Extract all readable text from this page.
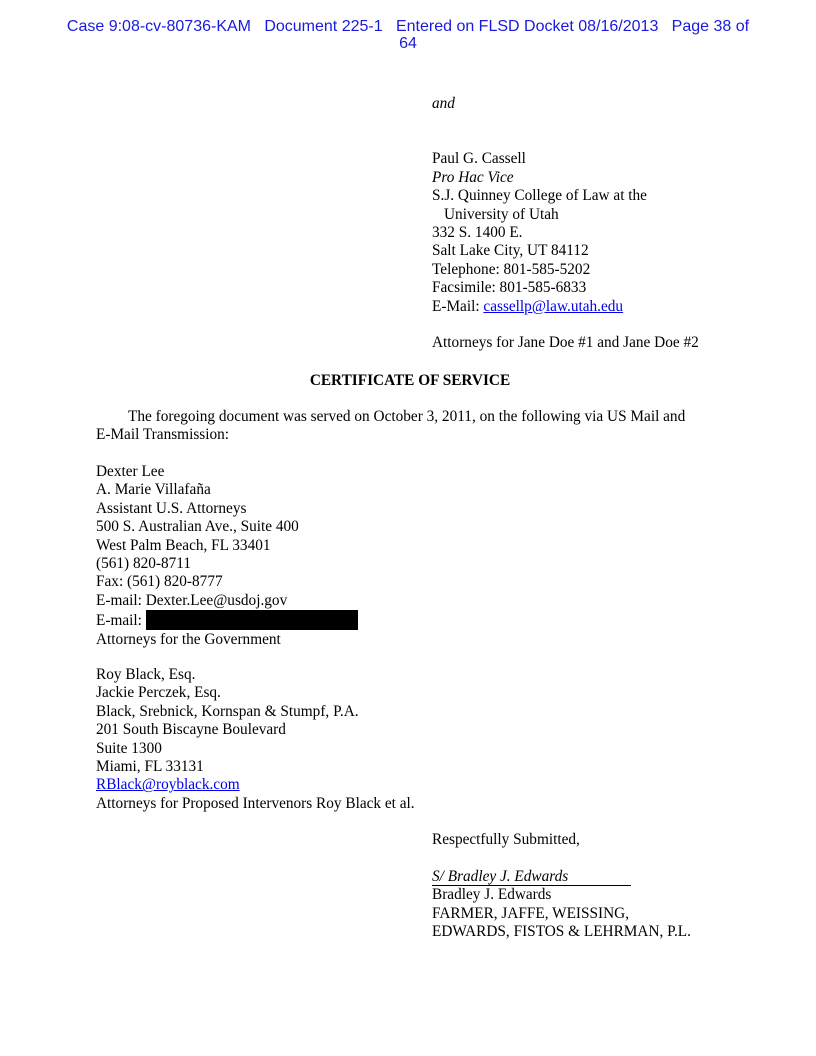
Case 9:08-cv-80736-KAM   Document 225-1   Entered on FLSD Docket 08/16/2013   Page 38 of
64
and
Paul G. Cassell
Pro Hac Vice
S.J. Quinney College of Law at the
University of Utah
332 S. 1400 E.
Salt Lake City, UT 84112
Telephone: 801-585-5202
Facsimile: 801-585-6833
E-Mail: cassellp@law.utah.edu
Attorneys for Jane Doe #1 and Jane Doe #2
CERTIFICATE OF SERVICE
The foregoing document was served on October 3, 2011, on the following via US Mail and
E-Mail Transmission:
Dexter Lee
A. Marie Villafaña
Assistant U.S. Attorneys
500 S. Australian Ave., Suite 400
West Palm Beach, FL 33401
(561) 820-8711
Fax: (561) 820-8777
E-mail: Dexter.Lee@usdoj.gov
E-mail:
Attorneys for the Government
Roy Black, Esq.
Jackie Perczek, Esq.
Black, Srebnick, Kornspan & Stumpf, P.A.
201 South Biscayne Boulevard
Suite 1300
Miami, FL 33131
RBlack@royblack.com
Attorneys for Proposed Intervenors Roy Black et al.
Respectfully Submitted,
S/ Bradley J. Edwards
Bradley J. Edwards
FARMER, JAFFE, WEISSING,
EDWARDS, FISTOS & LEHRMAN, P.L.
